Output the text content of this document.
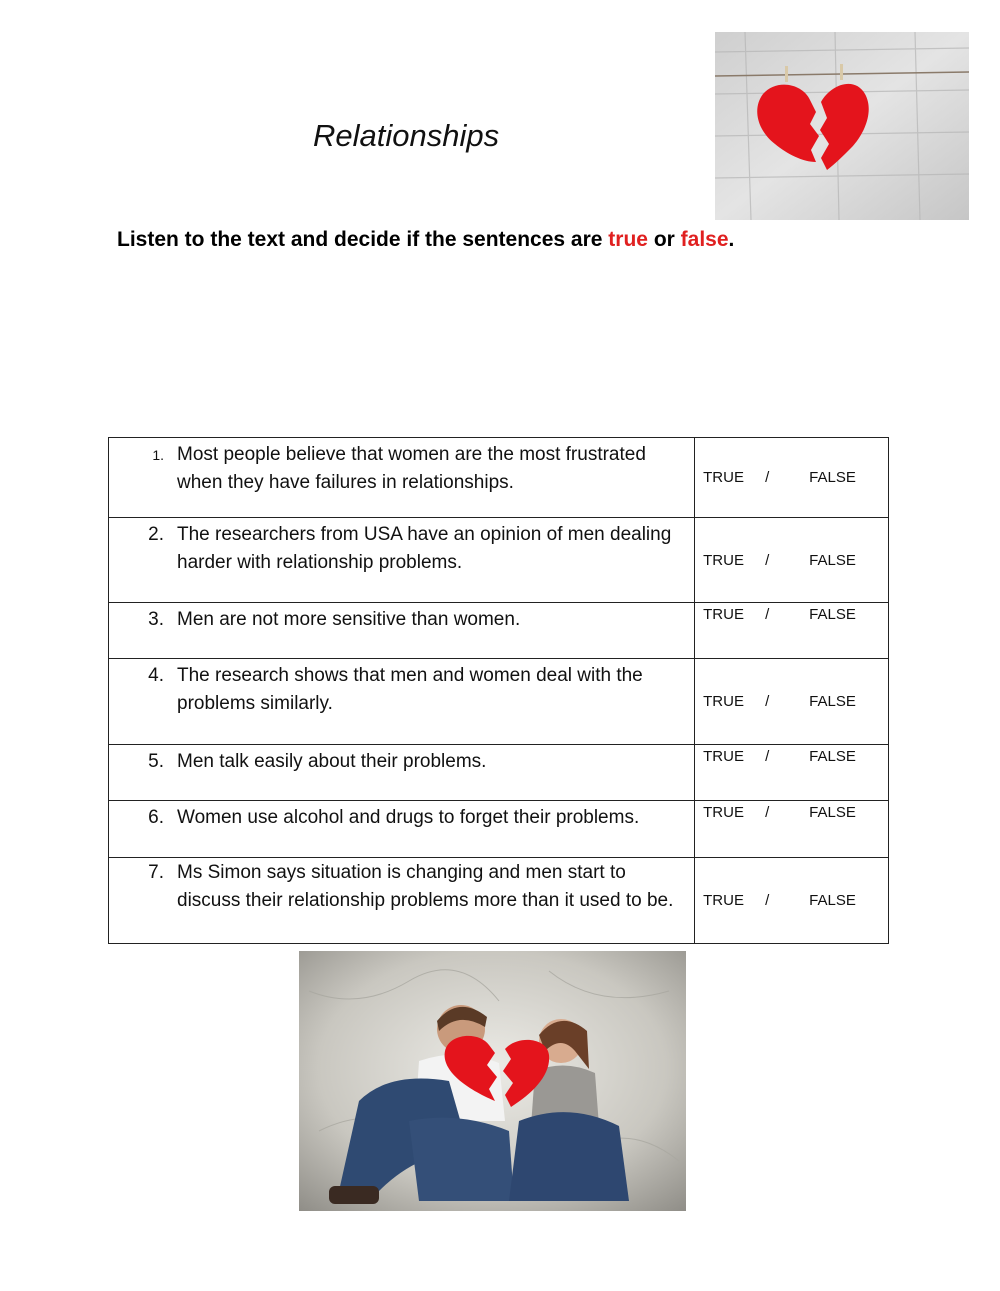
Relationships
Listen to the text and decide if the sentences are true or false.
1. Most people believe that women are the most frustrated when they have failures in relationships.	TRUE / FALSE

2. The researchers from USA have an opinion of men dealing harder with relationship problems.	TRUE / FALSE

3. Men are not more sensitive than women.	TRUE / FALSE

4. The research shows that men and women deal with the problems similarly.	TRUE / FALSE

5. Men talk easily about their problems.	TRUE / FALSE

6. Women use alcohol and drugs to forget their problems.	TRUE / FALSE

7. Ms Simon says situation is changing and men start to discuss their relationship problems more than it used to be.	TRUE / FALSE
